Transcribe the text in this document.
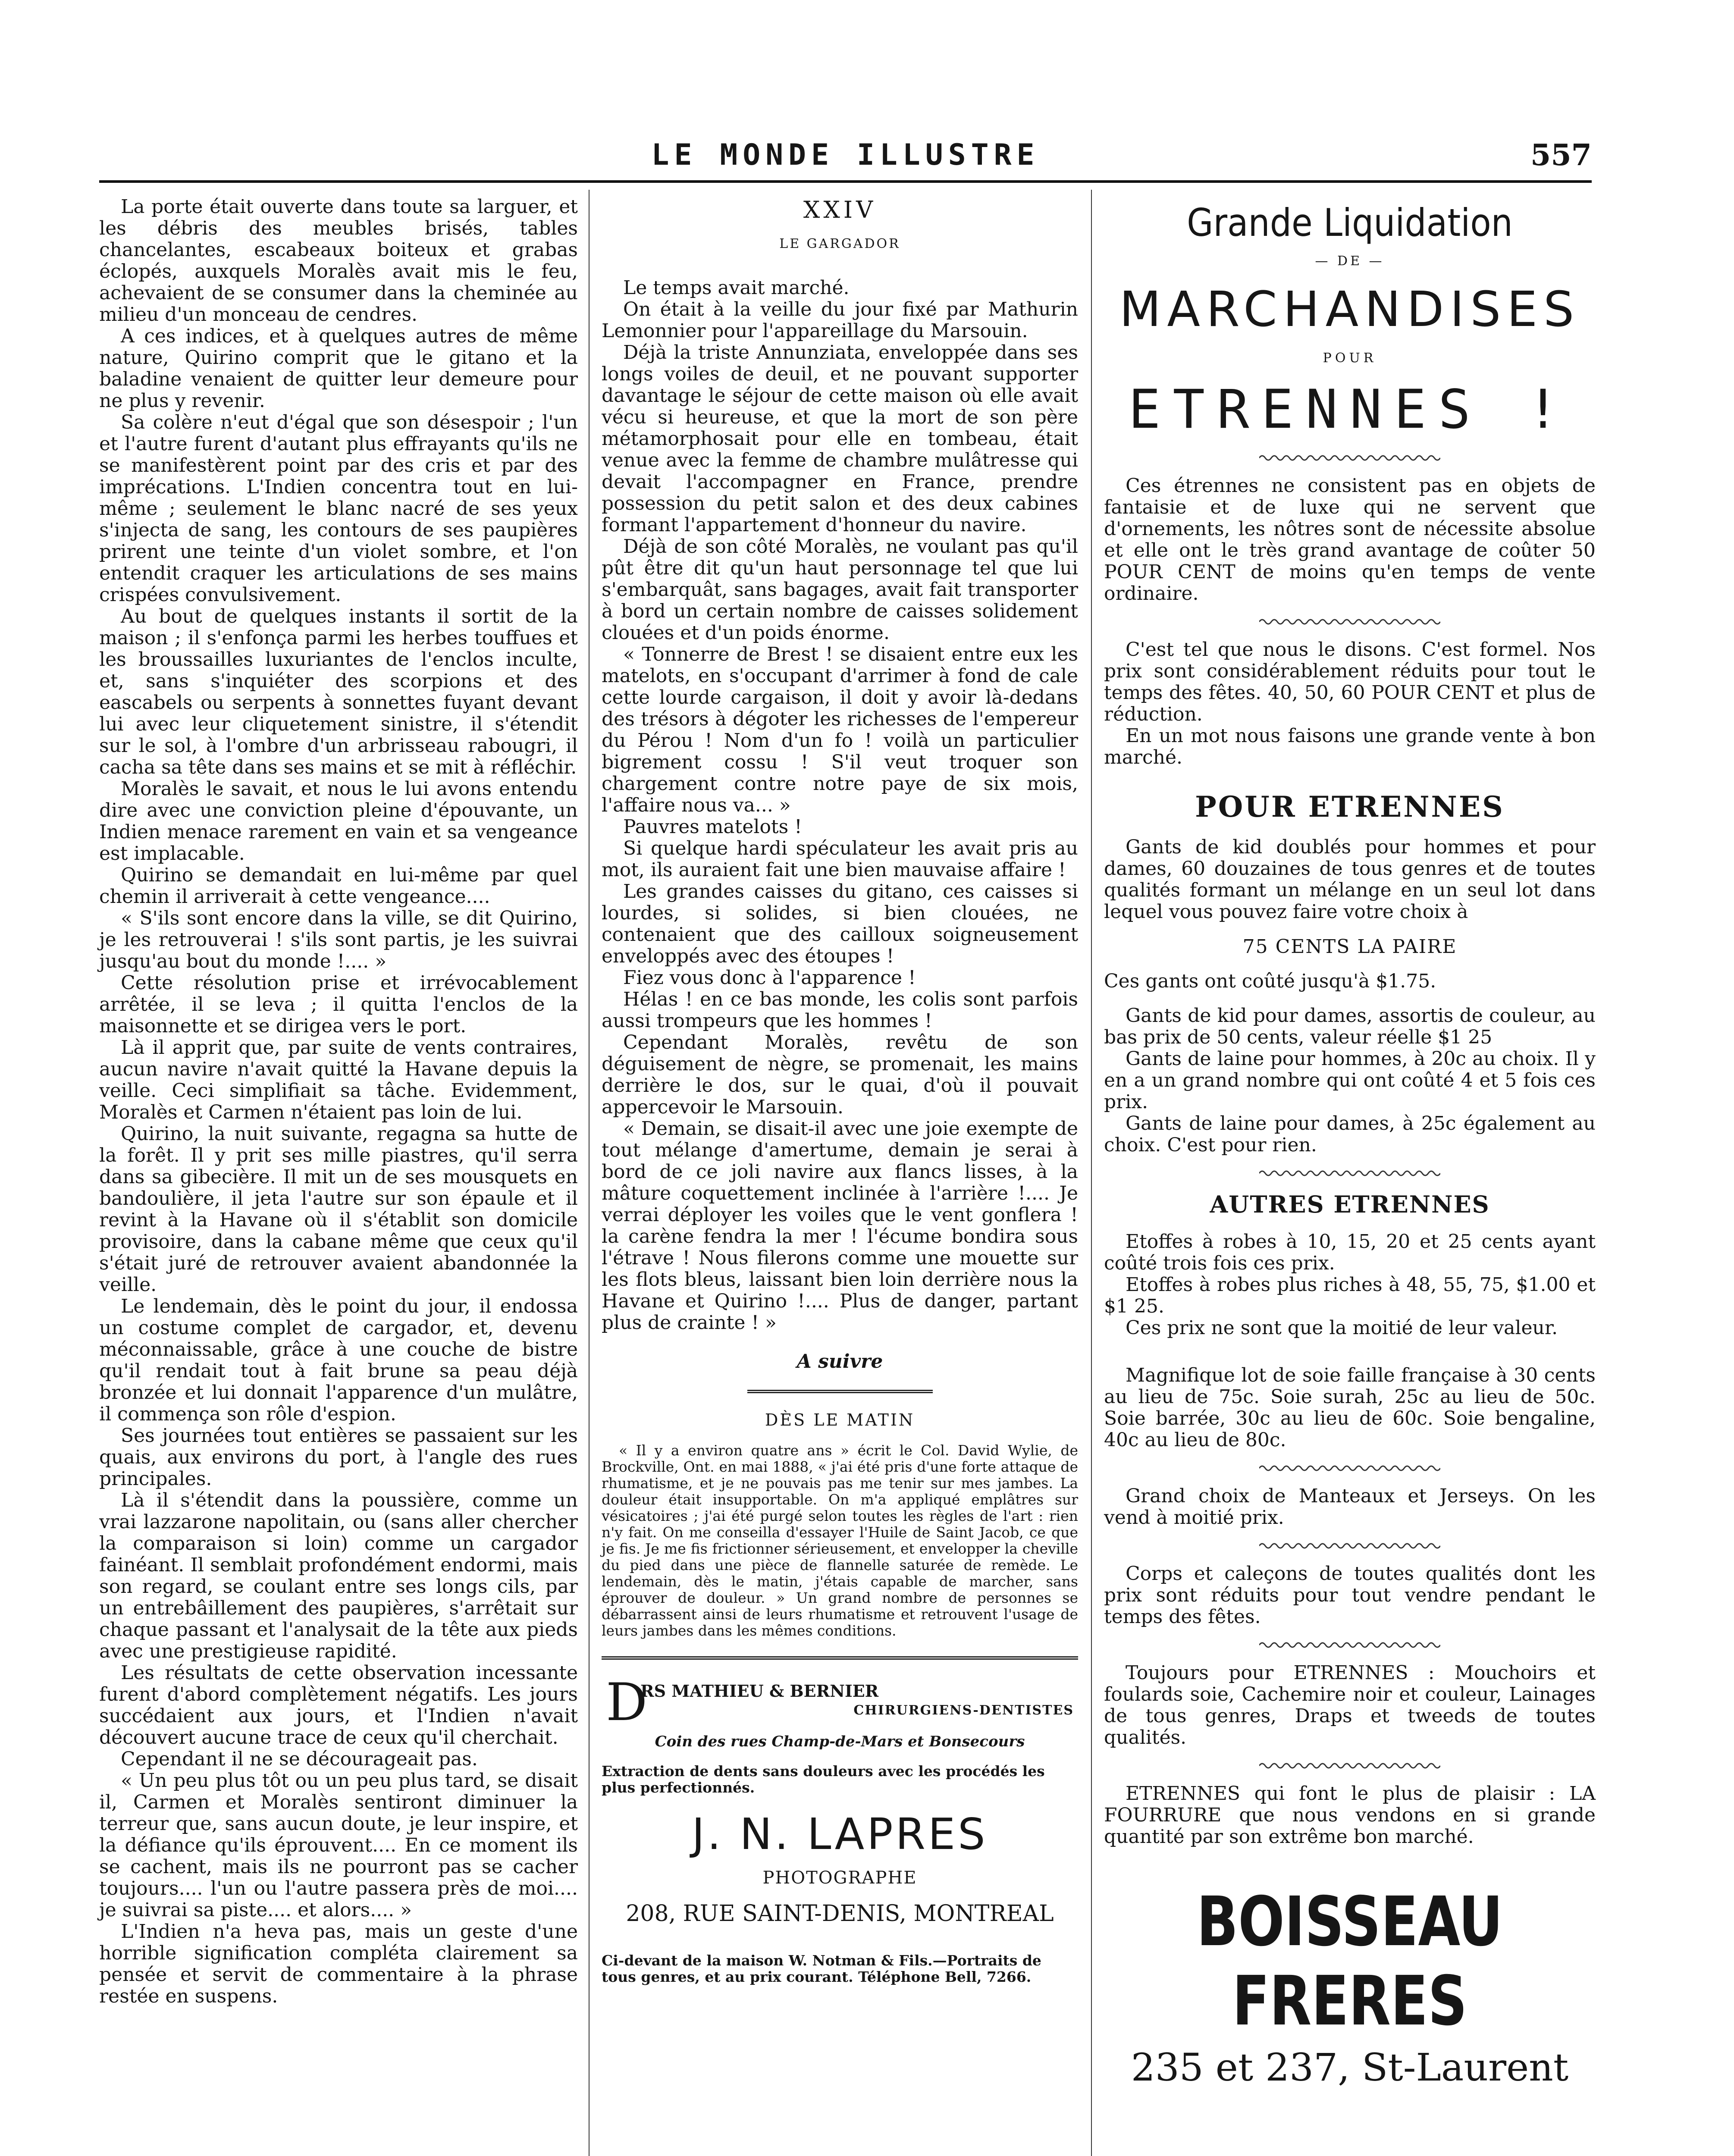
LE MONDE ILLUSTRE	557

La porte était ouverte dans toute sa larguer, et les débris des meubles brisés, tables chancelantes, escabeaux boiteux et grabas éclopés, auxquels Moralès avait mis le feu, achevaient de se consumer dans la cheminée au milieu d'un monceau de cendres.

A ces indices, et à quelques autres de même nature, Quirino comprit que le gitano et la baladine venaient de quitter leur demeure pour ne plus y revenir.

Sa colère n'eut d'égal que son désespoir ; l'un et l'autre furent d'autant plus effrayants qu'ils ne se manifestèrent point par des cris et par des imprécations. L'Indien concentra tout en lui-même ; seulement le blanc nacré de ses yeux s'injecta de sang, les contours de ses paupières prirent une teinte d'un violet sombre, et l'on entendit craquer les articulations de ses mains crispées convulsivement.

Au bout de quelques instants il sortit de la maison ; il s'enfonça parmi les herbes touffues et les broussailles luxuriantes de l'enclos inculte, et, sans s'inquiéter des scorpions et des eascabels ou serpents à sonnettes fuyant devant lui avec leur cliquetement sinistre, il s'étendit sur le sol, à l'ombre d'un arbrisseau rabougri, il cacha sa tête dans ses mains et se mit à réfléchir.

Moralès le savait, et nous le lui avons entendu dire avec une conviction pleine d'épouvante, un Indien menace rarement en vain et sa vengeance est implacable.

Quirino se demandait en lui-même par quel chemin il arriverait à cette vengeance....

« S'ils sont encore dans la ville, se dit Quirino, je les retrouverai ! s'ils sont partis, je les suivrai jusqu'au bout du monde !.... »

Cette résolution prise et irrévocablement arrêtée, il se leva ; il quitta l'enclos de la maisonnette et se dirigea vers le port.

Là il apprit que, par suite de vents contraires, aucun navire n'avait quitté la Havane depuis la veille. Ceci simplifiait sa tâche. Evidemment, Moralès et Carmen n'étaient pas loin de lui.

Quirino, la nuit suivante, regagna sa hutte de la forêt. Il y prit ses mille piastres, qu'il serra dans sa gibecière. Il mit un de ses mousquets en bandoulière, il jeta l'autre sur son épaule et il revint à la Havane où il s'établit son domicile provisoire, dans la cabane même que ceux qu'il s'était juré de retrouver avaient abandonnée la veille.

Le lendemain, dès le point du jour, il endossa un costume complet de cargador, et, devenu méconnaissable, grâce à une couche de bistre qu'il rendait tout à fait brune sa peau déjà bronzée et lui donnait l'apparence d'un mulâtre, il commença son rôle d'espion.

Ses journées tout entières se passaient sur les quais, aux environs du port, à l'angle des rues principales.

Là il s'étendit dans la poussière, comme un vrai lazzarone napolitain, ou (sans aller chercher la comparaison si loin) comme un cargador fainéant. Il semblait profondément endormi, mais son regard, se coulant entre ses longs cils, par un entrebâillement des paupières, s'arrêtait sur chaque passant et l'analysait de la tête aux pieds avec une prestigieuse rapidité.

Les résultats de cette observation incessante furent d'abord complètement négatifs. Les jours succédaient aux jours, et l'Indien n'avait découvert aucune trace de ceux qu'il cherchait.

Cependant il ne se décourageait pas.

« Un peu plus tôt ou un peu plus tard, se disait il, Carmen et Moralès sentiront diminuer la terreur que, sans aucun doute, je leur inspire, et la défiance qu'ils éprouvent.... En ce moment ils se cachent, mais ils ne pourront pas se cacher toujours.... l'un ou l'autre passera près de moi.... je suivrai sa piste.... et alors.... »

L'Indien n'a heva pas, mais un geste d'une horrible signification compléta clairement sa pensée et servit de commentaire à la phrase restée en suspens.

XXIV
LE GARGADOR

Le temps avait marché.

On était à la veille du jour fixé par Mathurin Lemonnier pour l'appareillage du Marsouin.

Déjà la triste Annunziata, enveloppée dans ses longs voiles de deuil, et ne pouvant supporter davantage le séjour de cette maison où elle avait vécu si heureuse, et que la mort de son père métamorphosait pour elle en tombeau, était venue avec la femme de chambre mulâtresse qui devait l'accompagner en France, prendre possession du petit salon et des deux cabines formant l'appartement d'honneur du navire.

Déjà de son côté Moralès, ne voulant pas qu'il pût être dit qu'un haut personnage tel que lui s'embarquât, sans bagages, avait fait transporter à bord un certain nombre de caisses solidement clouées et d'un poids énorme.

« Tonnerre de Brest ! se disaient entre eux les matelots, en s'occupant d'arrimer à fond de cale cette lourde cargaison, il doit y avoir là-dedans des trésors à dégoter les richesses de l'empereur du Pérou ! Nom d'un fo ! voilà un particulier bigrement cossu ! S'il veut troquer son chargement contre notre paye de six mois, l'affaire nous va... »

Pauvres matelots !

Si quelque hardi spéculateur les avait pris au mot, ils auraient fait une bien mauvaise affaire !

Les grandes caisses du gitano, ces caisses si lourdes, si solides, si bien clouées, ne contenaient que des cailloux soigneusement enveloppés avec des étoupes !

Fiez vous donc à l'apparence !

Hélas ! en ce bas monde, les colis sont parfois aussi trompeurs que les hommes !

Cependant Moralès, revêtu de son déguisement de nègre, se promenait, les mains derrière le dos, sur le quai, d'où il pouvait appercevoir le Marsouin.

« Demain, se disait-il avec une joie exempte de tout mélange d'amertume, demain je serai à bord de ce joli navire aux flancs lisses, à la mâture coquettement inclinée à l'arrière !.... Je verrai déployer les voiles que le vent gonflera ! la carène fendra la mer ! l'écume bondira sous l'étrave ! Nous filerons comme une mouette sur les flots bleus, laissant bien loin derrière nous la Havane et Quirino !.... Plus de danger, partant plus de crainte ! »

A suivre

DÈS LE MATIN

« Il y a environ quatre ans » écrit le Col. David Wylie, de Brockville, Ont. en mai 1888, « j'ai été pris d'une forte attaque de rhumatisme, et je ne pouvais pas me tenir sur mes jambes. La douleur était insupportable. On m'a appliqué emplâtres sur vésicatoires ; j'ai été purgé selon toutes les règles de l'art : rien n'y fait. On me conseilla d'essayer l'Huile de Saint Jacob, ce que je fis. Je me fis frictionner sérieusement, et envelopper la cheville du pied dans une pièce de flannelle saturée de remède. Le lendemain, dès le matin, j'étais capable de marcher, sans éprouver de douleur. » Un grand nombre de personnes se débarrassent ainsi de leurs rhumatisme et retrouvent l'usage de leurs jambes dans les mêmes conditions.

D
RS MATHIEU & BERNIER
CHIRURGIENS-DENTISTES
Coin des rues Champ-de-Mars et Bonsecours
Extraction de dents sans douleurs avec les procédés les plus perfectionnés.
J. N. LAPRES
PHOTOGRAPHE
208, RUE SAINT-DENIS, MONTREAL
Ci-devant de la maison W. Notman & Fils.—Portraits de tous genres, et au prix courant. Téléphone Bell, 7266.
Grande Liquidation
— DE —
MARCHANDISES
POUR
ETRENNES !

Ces étrennes ne consistent pas en objets de fantaisie et de luxe qui ne servent que d'ornements, les nôtres sont de nécessite absolue et elle ont le très grand avantage de coûter 50 POUR CENT de moins qu'en temps de vente ordinaire.

C'est tel que nous le disons. C'est formel. Nos prix sont considérablement réduits pour tout le temps des fêtes. 40, 50, 60 POUR CENT et plus de réduction.

En un mot nous faisons une grande vente à bon marché.

POUR ETRENNES

Gants de kid doublés pour hommes et pour dames, 60 douzaines de tous genres et de toutes qualités formant un mélange en un seul lot dans lequel vous pouvez faire votre choix à

75 CENTS LA PAIRE

Ces gants ont coûté jusqu'à $1.75.

Gants de kid pour dames, assortis de couleur, au bas prix de 50 cents, valeur réelle $1 25

Gants de laine pour hommes, à 20c au choix. Il y en a un grand nombre qui ont coûté 4 et 5 fois ces prix.

Gants de laine pour dames, à 25c également au choix. C'est pour rien.

AUTRES ETRENNES

Etoffes à robes à 10, 15, 20 et 25 cents ayant coûté trois fois ces prix.

Etoffes à robes plus riches à 48, 55, 75, $1.00 et $1 25.

Ces prix ne sont que la moitié de leur valeur.

Magnifique lot de soie faille française à 30 cents au lieu de 75c. Soie surah, 25c au lieu de 50c. Soie barrée, 30c au lieu de 60c. Soie bengaline, 40c au lieu de 80c.

Grand choix de Manteaux et Jerseys. On les vend à moitié prix.

Corps et caleçons de toutes qualités dont les prix sont réduits pour tout vendre pendant le temps des fêtes.

Toujours pour ETRENNES : Mouchoirs et foulards soie, Cachemire noir et couleur, Lainages de tous genres, Draps et tweeds de toutes qualités.

ETRENNES qui font le plus de plaisir : LA FOURRURE que nous vendons en si grande quantité par son extrême bon marché.

BOISSEAU FRERES
235 et 237, St-Laurent
